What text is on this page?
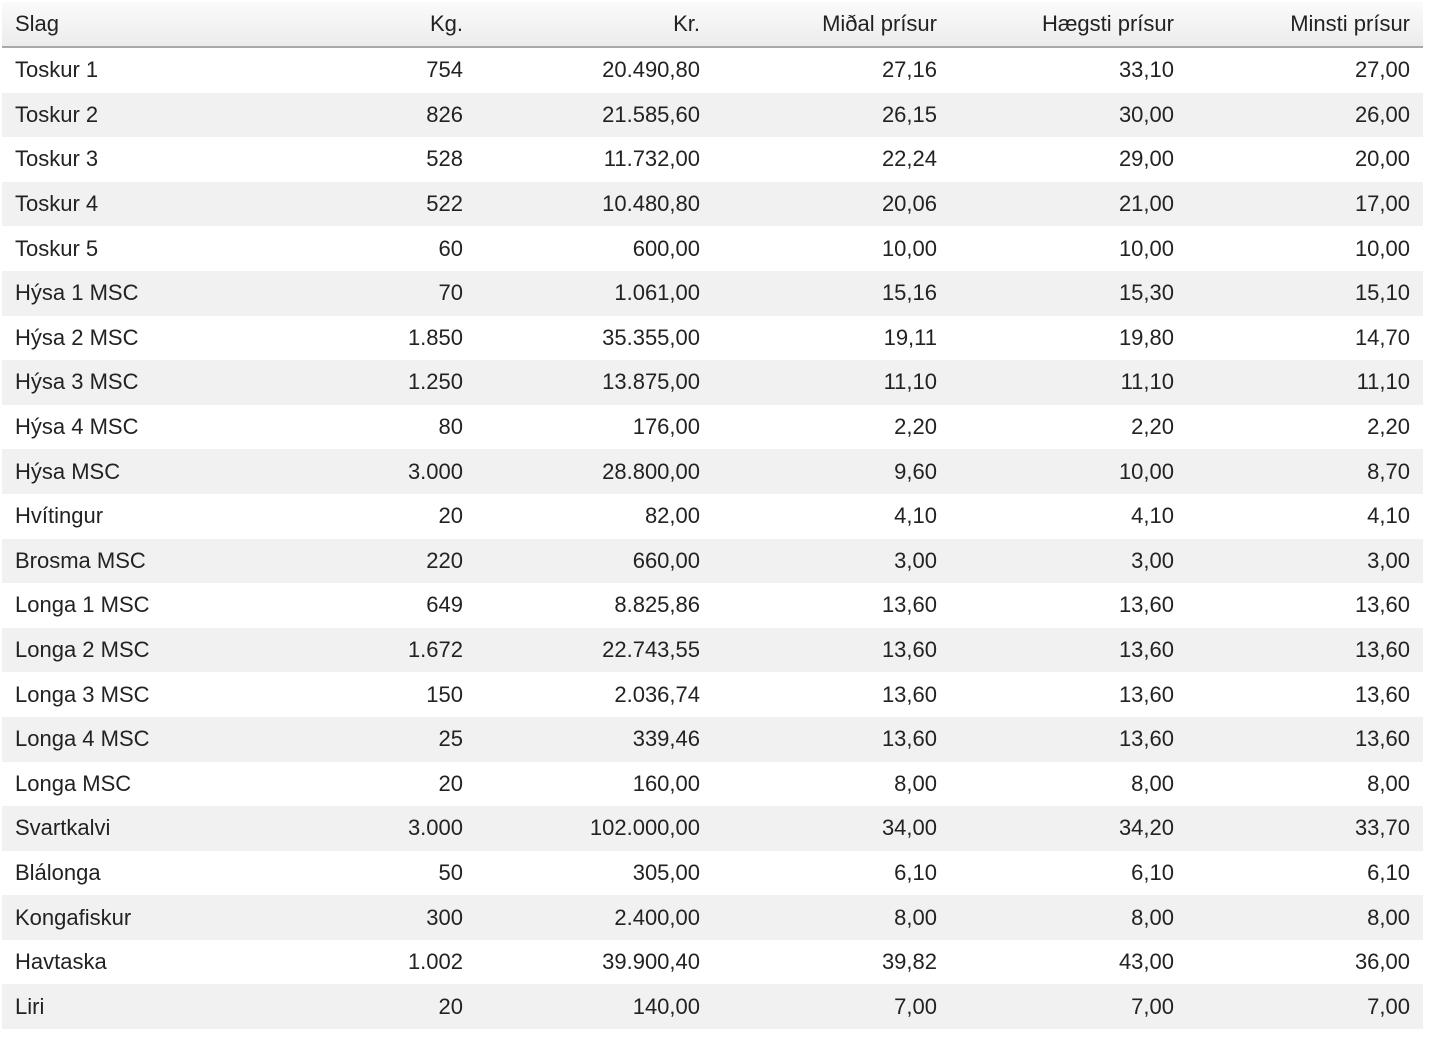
Slag	Kg.	Kr.	Miðal prísur	Hægsti prísur	Minsti prísur
Toskur 1	754	20.490,80	27,16	33,10	27,00
Toskur 2	826	21.585,60	26,15	30,00	26,00
Toskur 3	528	11.732,00	22,24	29,00	20,00
Toskur 4	522	10.480,80	20,06	21,00	17,00
Toskur 5	60	600,00	10,00	10,00	10,00
Hýsa 1 MSC	70	1.061,00	15,16	15,30	15,10
Hýsa 2 MSC	1.850	35.355,00	19,11	19,80	14,70
Hýsa 3 MSC	1.250	13.875,00	11,10	11,10	11,10
Hýsa 4 MSC	80	176,00	2,20	2,20	2,20
Hýsa MSC	3.000	28.800,00	9,60	10,00	8,70
Hvítingur	20	82,00	4,10	4,10	4,10
Brosma MSC	220	660,00	3,00	3,00	3,00
Longa 1 MSC	649	8.825,86	13,60	13,60	13,60
Longa 2 MSC	1.672	22.743,55	13,60	13,60	13,60
Longa 3 MSC	150	2.036,74	13,60	13,60	13,60
Longa 4 MSC	25	339,46	13,60	13,60	13,60
Longa MSC	20	160,00	8,00	8,00	8,00
Svartkalvi	3.000	102.000,00	34,00	34,20	33,70
Blálonga	50	305,00	6,10	6,10	6,10
Kongafiskur	300	2.400,00	8,00	8,00	8,00
Havtaska	1.002	39.900,40	39,82	43,00	36,00
Liri	20	140,00	7,00	7,00	7,00
